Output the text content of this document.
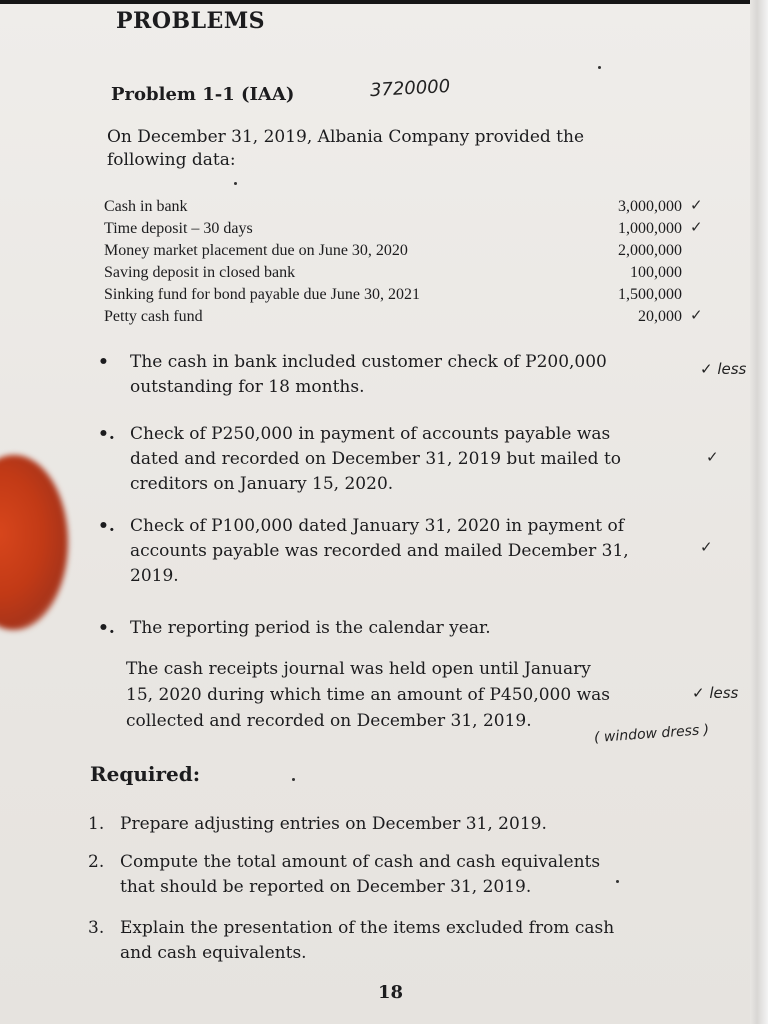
PROBLEMS
Problem 1-1 (IAA)	3720000
On December 31, 2019, Albania Company provided the
following data:
Cash in bank	3,000,000
Time deposit – 30 days	1,000,000
Money market placement due on June 30, 2020	2,000,000
Saving deposit in closed bank	100,000
Sinking fund for bond payable due June 30, 2021	1,500,000
Petty cash fund	20,000
✓
✓
✓
• The cash in bank included customer check of P200,000
outstanding for 18 months.
✓ less
•. Check of P250,000 in payment of accounts payable was
dated and recorded on December 31, 2019 but mailed to
creditors on January 15, 2020.
✓
•. Check of P100,000 dated January 31, 2020 in payment of
accounts payable was recorded and mailed December 31,
2019.
✓
•. The reporting period is the calendar year.
The cash receipts journal was held open until January
15, 2020 during which time an amount of P450,000 was
collected and recorded on December 31, 2019.
✓ less
( window dress )
Required:
1. Prepare adjusting entries on December 31, 2019.
2. Compute the total amount of cash and cash equivalents
that should be reported on December 31, 2019.
3. Explain the presentation of the items excluded from cash
and cash equivalents.
18
